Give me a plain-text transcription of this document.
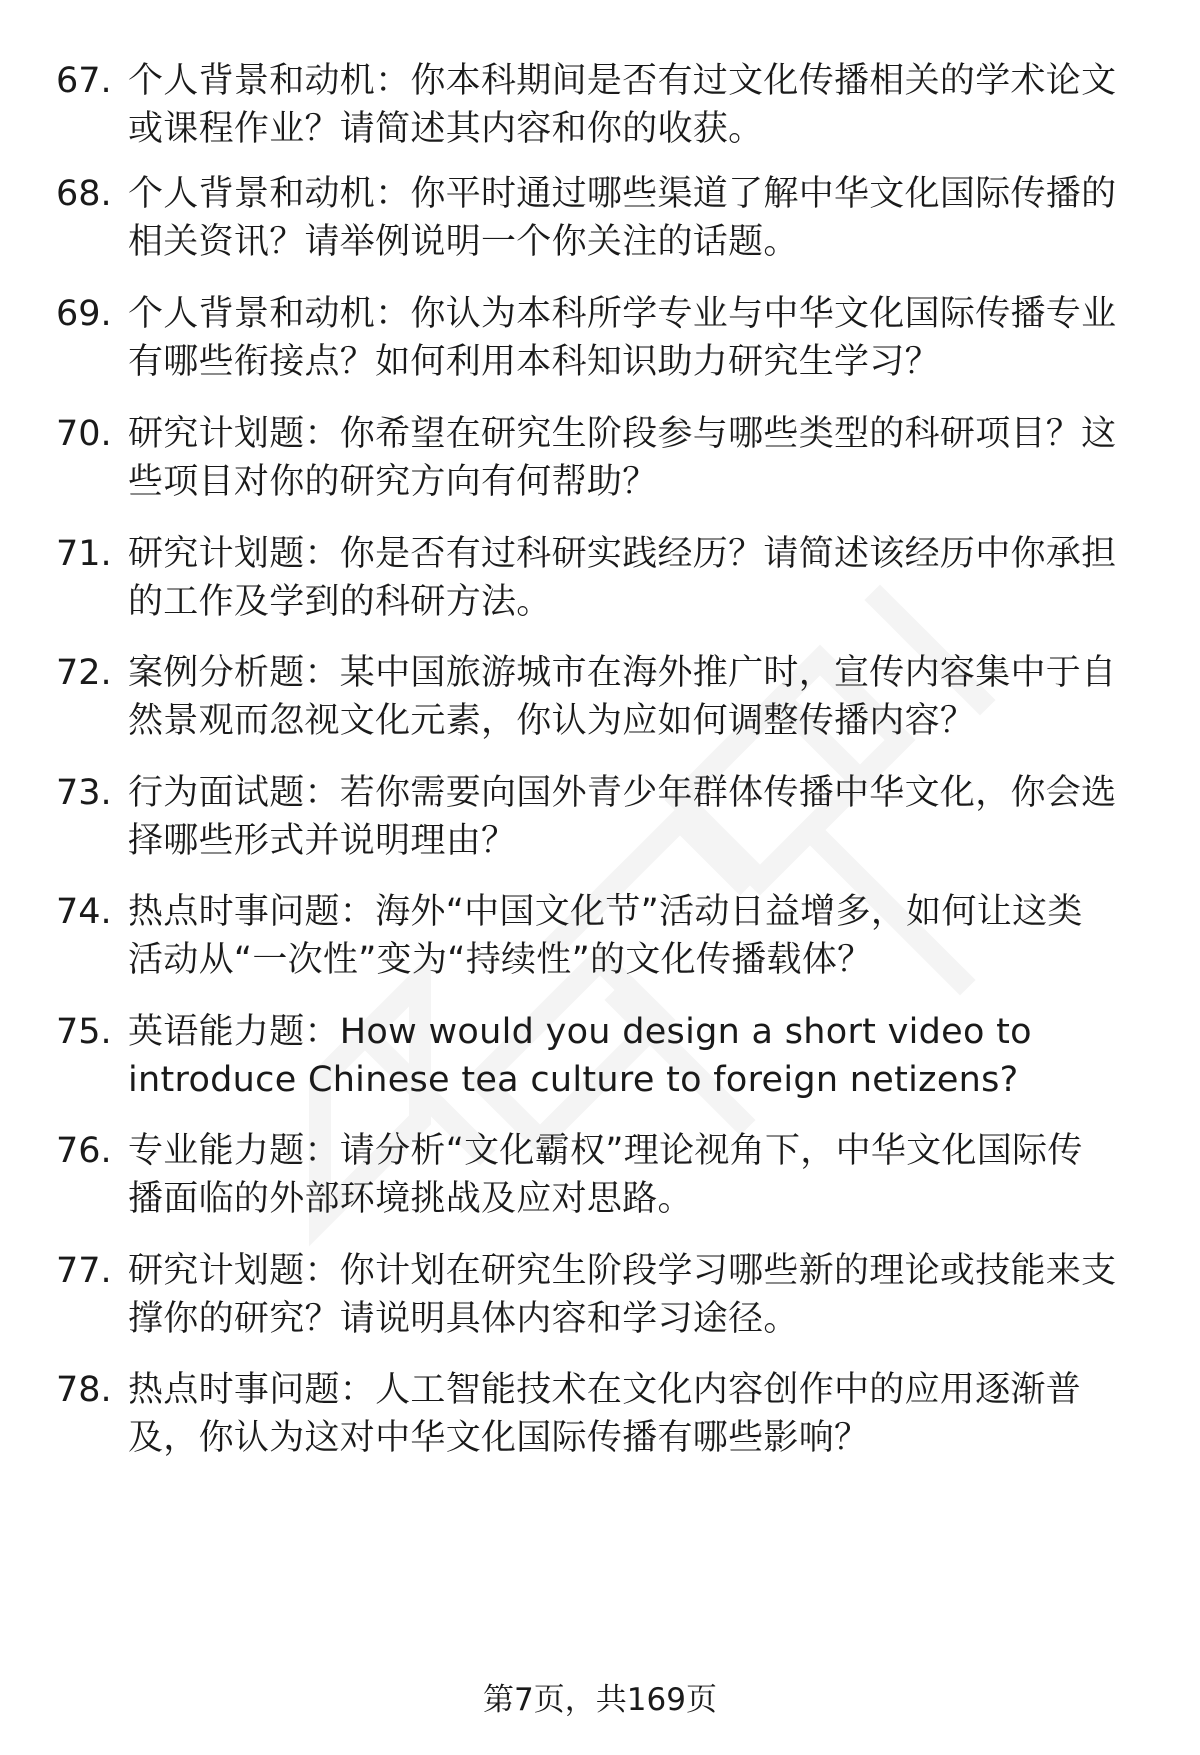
67. 个人背景和动机：你本科期间是否有过文化传播相关的学术论文
或课程作业？请简述其内容和你的收获。
68. 个人背景和动机：你平时通过哪些渠道了解中华文化国际传播的
相关资讯？请举例说明一个你关注的话题。
69. 个人背景和动机：你认为本科所学专业与中华文化国际传播专业
有哪些衔接点？如何利用本科知识助力研究生学习？
70. 研究计划题：你希望在研究生阶段参与哪些类型的科研项目？这
些项目对你的研究方向有何帮助？
71. 研究计划题：你是否有过科研实践经历？请简述该经历中你承担
的工作及学到的科研方法。
72. 案例分析题：某中国旅游城市在海外推广时，宣传内容集中于自
然景观而忽视文化元素，你认为应如何调整传播内容？
73. 行为面试题：若你需要向国外青少年群体传播中华文化，你会选
择哪些形式并说明理由？
74. 热点时事问题：海外“中国文化节”活动日益增多，如何让这类
活动从“一次性”变为“持续性”的文化传播载体？
75. 英语能力题：How would you design a short video to
introduce Chinese tea culture to foreign netizens?
76. 专业能力题：请分析“文化霸权”理论视角下，中华文化国际传
播面临的外部环境挑战及应对思路。
77. 研究计划题：你计划在研究生阶段学习哪些新的理论或技能来支
撑你的研究？请说明具体内容和学习途径。
78. 热点时事问题：人工智能技术在文化内容创作中的应用逐渐普
及，你认为这对中华文化国际传播有哪些影响？
第7页，共169页
